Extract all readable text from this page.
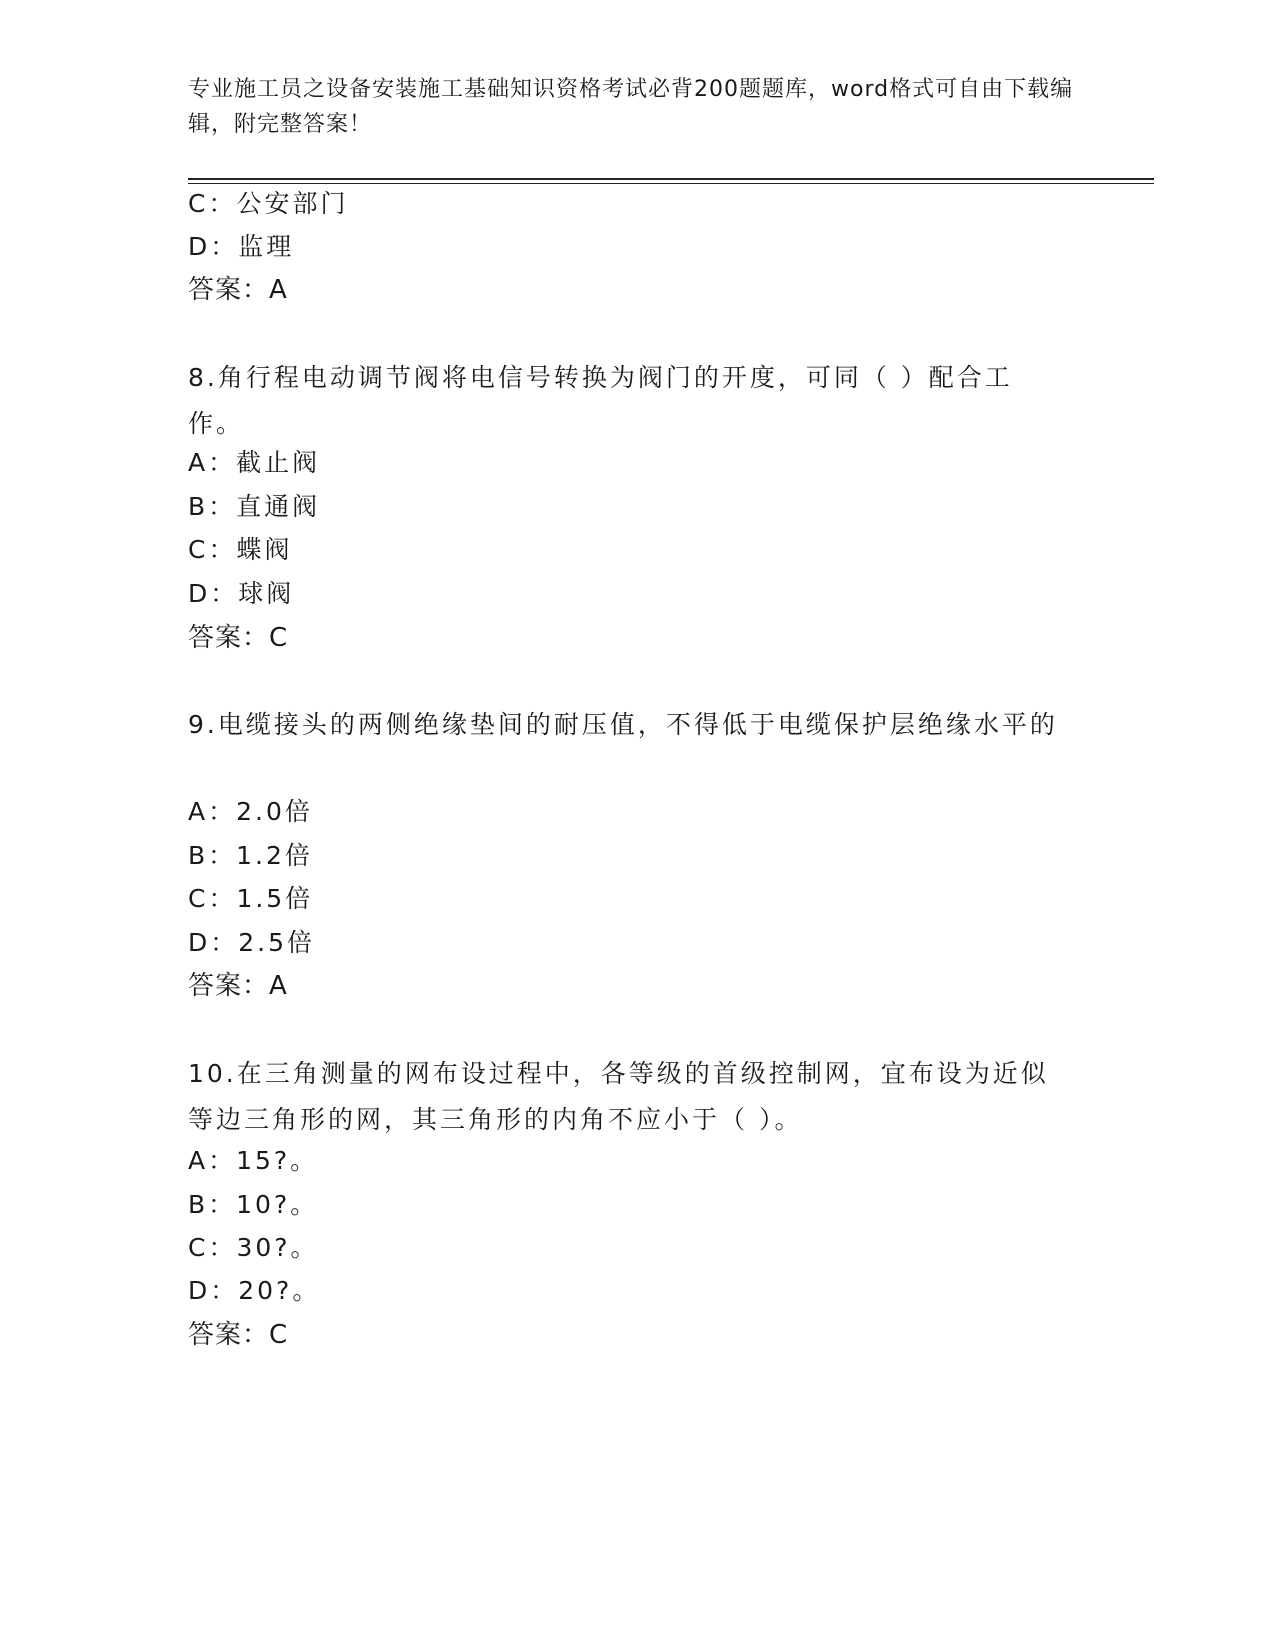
专业施工员之设备安装施工基础知识资格考试必背200题题库，word格式可自由下载编辑，附完整答案！
C：公安部门
D：监理
答案：A
8.角行程电动调节阀将电信号转换为阀门的开度，可同（ ）配合工作。
A：截止阀
B：直通阀
C：蝶阀
D：球阀
答案：C
9.电缆接头的两侧绝缘垫间的耐压值，不得低于电缆保护层绝缘水平的
A：2.0倍
B：1.2倍
C：1.5倍
D：2.5倍
答案：A
10.在三角测量的网布设过程中，各等级的首级控制网，宜布设为近似等边三角形的网，其三角形的内角不应小于（ ）。
A：15?。
B：10?。
C：30?。
D：20?。
答案：C
